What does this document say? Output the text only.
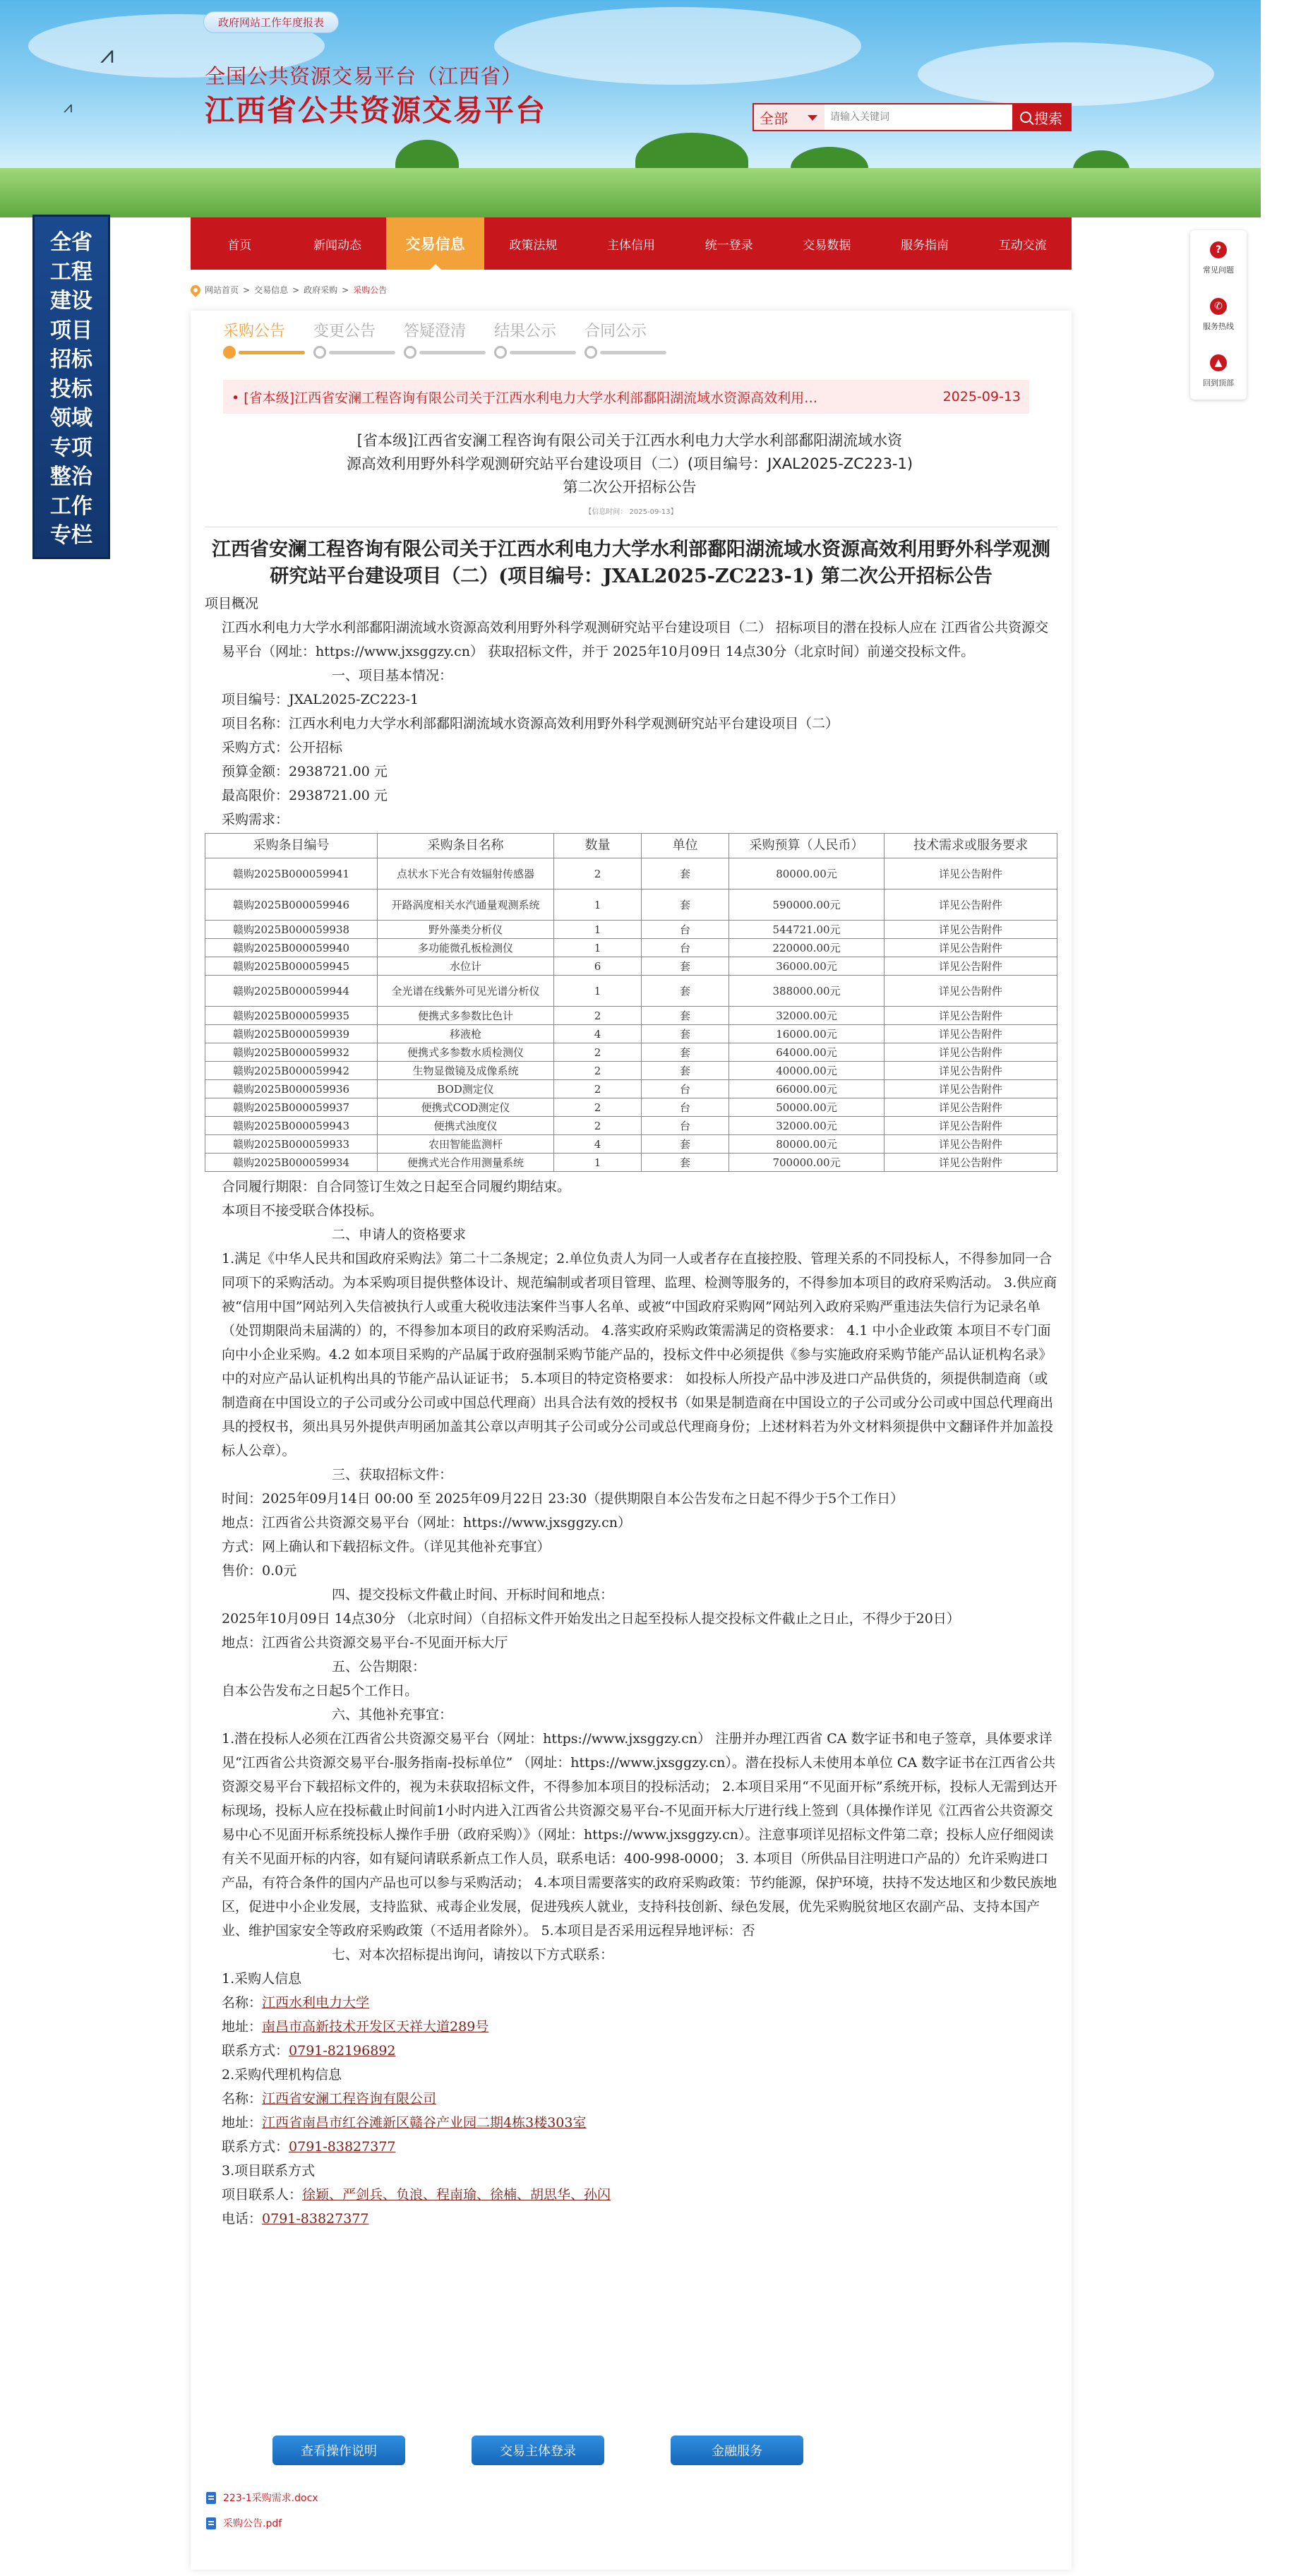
⩘
⩘
政府网站工作年度报表
全国公共资源交易平台（江西省）
江西省公共资源交易平台	全部
请输入关键词	搜索
首页	新闻动态	交易信息	政策法规	主体信用	统一登录	交易数据	服务指南	互动交流
全省
工程
建设
项目
招标
投标
领域
专项
整治
工作
专栏
?
常见问题
✆
服务热线
▲
回到顶部
网站首页 > 交易信息 > 政府采购 > 采购公告
采购公告	变更公告	答疑澄清	结果公示	合同公示
• [省本级]江西省安澜工程咨询有限公司关于江西水利电力大学水利部鄱阳湖流域水资源高效利用…	2025-09-13
[省本级]江西省安澜工程咨询有限公司关于江西水利电力大学水利部鄱阳湖流域水资
源高效利用野外科学观测研究站平台建设项目（二）(项目编号：JXAL2025-ZC223-1)
第二次公开招标公告
【信息时间： 2025-09-13】
江西省安澜工程咨询有限公司关于江西水利电力大学水利部鄱阳湖流域水资源高效利用野外科学观测研究站平台建设项目（二）(项目编号：JXAL2025-ZC223-1) 第二次公开招标公告

项目概况

江西水利电力大学水利部鄱阳湖流域水资源高效利用野外科学观测研究站平台建设项目（二） 招标项目的潜在投标人应在 江西省公共资源交易平台（网址：https://www.jxsggzy.cn） 获取招标文件，并于 2025年10月09日 14点30分（北京时间）前递交投标文件。

一、项目基本情况：

项目编号：JXAL2025-ZC223-1

项目名称：江西水利电力大学水利部鄱阳湖流域水资源高效利用野外科学观测研究站平台建设项目（二）

采购方式：公开招标

预算金额：2938721.00 元

最高限价：2938721.00 元

采购需求：

采购条目编号	采购条目名称	数量	单位	采购预算（人民币）	技术需求或服务要求
赣购2025B000059941	点状水下光合有效辐射传感器	2	套	80000.00元	详见公告附件
赣购2025B000059946	开路涡度相关水汽通量观测系统	1	套	590000.00元	详见公告附件
赣购2025B000059938	野外藻类分析仪	1	台	544721.00元	详见公告附件
赣购2025B000059940	多功能微孔板检测仪	1	台	220000.00元	详见公告附件
赣购2025B000059945	水位计	6	套	36000.00元	详见公告附件
赣购2025B000059944	全光谱在线紫外可见光谱分析仪	1	套	388000.00元	详见公告附件
赣购2025B000059935	便携式多参数比色计	2	套	32000.00元	详见公告附件
赣购2025B000059939	移液枪	4	套	16000.00元	详见公告附件
赣购2025B000059932	便携式多参数水质检测仪	2	套	64000.00元	详见公告附件
赣购2025B000059942	生物显微镜及成像系统	2	套	40000.00元	详见公告附件
赣购2025B000059936	BOD测定仪	2	台	66000.00元	详见公告附件
赣购2025B000059937	便携式COD测定仪	2	台	50000.00元	详见公告附件
赣购2025B000059943	便携式浊度仪	2	台	32000.00元	详见公告附件
赣购2025B000059933	农田智能监测杆	4	套	80000.00元	详见公告附件
赣购2025B000059934	便携式光合作用测量系统	1	套	700000.00元	详见公告附件

合同履行期限：自合同签订生效之日起至合同履约期结束。

本项目不接受联合体投标。

二、申请人的资格要求

1.满足《中华人民共和国政府采购法》第二十二条规定；2.单位负责人为同一人或者存在直接控股、管理关系的不同投标人，不得参加同一合同项下的采购活动。为本采购项目提供整体设计、规范编制或者项目管理、监理、检测等服务的，不得参加本项目的政府采购活动。 3.供应商被“信用中国”网站列入失信被执行人或重大税收违法案件当事人名单、或被“中国政府采购网”网站列入政府采购严重违法失信行为记录名单（处罚期限尚未届满的）的，不得参加本项目的政府采购活动。 4.落实政府采购政策需满足的资格要求： 4.1 中小企业政策 本项目不专门面向中小企业采购。4.2 如本项目采购的产品属于政府强制采购节能产品的，投标文件中必须提供《参与实施政府采购节能产品认证机构名录》中的对应产品认证机构出具的节能产品认证证书； 5.本项目的特定资格要求： 如投标人所投产品中涉及进口产品供货的，须提供制造商（或制造商在中国设立的子公司或分公司或中国总代理商）出具合法有效的授权书（如果是制造商在中国设立的子公司或分公司或中国总代理商出具的授权书，须出具另外提供声明函加盖其公章以声明其子公司或分公司或总代理商身份；上述材料若为外文材料须提供中文翻译件并加盖投标人公章）。

三、获取招标文件：

时间：2025年09月14日 00:00 至 2025年09月22日 23:30（提供期限自本公告发布之日起不得少于5个工作日）

地点：江西省公共资源交易平台（网址：https://www.jxsggzy.cn）

方式：网上确认和下载招标文件。（详见其他补充事宜）

售价：0.0元

四、提交投标文件截止时间、开标时间和地点：

2025年10月09日 14点30分 （北京时间）（自招标文件开始发出之日起至投标人提交投标文件截止之日止，不得少于20日）

地点：江西省公共资源交易平台-不见面开标大厅

五、公告期限：

自本公告发布之日起5个工作日。

六、其他补充事宜：

1.潜在投标人必须在江西省公共资源交易平台（网址：https://www.jxsggzy.cn） 注册并办理江西省 CA 数字证书和电子签章，具体要求详见“江西省公共资源交易平台-服务指南-投标单位” （网址：https://www.jxsggzy.cn）。潜在投标人未使用本单位 CA 数字证书在江西省公共资源交易平台下载招标文件的，视为未获取招标文件，不得参加本项目的投标活动； 2.本项目采用“不见面开标”系统开标，投标人无需到达开标现场，投标人应在投标截止时间前1小时内进入江西省公共资源交易平台-不见面开标大厅进行线上签到（具体操作详见《江西省公共资源交易中心不见面开标系统投标人操作手册（政府采购）》（网址：https://www.jxsggzy.cn）。注意事项详见招标文件第二章；投标人应仔细阅读有关不见面开标的内容，如有疑问请联系新点工作人员，联系电话：400-998-0000； 3. 本项目（所供品目注明进口产品的）允许采购进口产品，有符合条件的国内产品也可以参与采购活动； 4.本项目需要落实的政府采购政策：节约能源，保护环境，扶持不发达地区和少数民族地区，促进中小企业发展，支持监狱、戒毒企业发展，促进残疾人就业，支持科技创新、绿色发展，优先采购脱贫地区农副产品、支持本国产业、维护国家安全等政府采购政策（不适用者除外）。 5.本项目是否采用远程异地评标：否

七、对本次招标提出询问，请按以下方式联系：

1.采购人信息

名称：江西水利电力大学

地址：南昌市高新技术开发区天祥大道289号

联系方式：0791-82196892

2.采购代理机构信息

名称：江西省安澜工程咨询有限公司

地址：江西省南昌市红谷滩新区赣谷产业园二期4栋3楼303室

联系方式：0791-83827377

3.项目联系方式

项目联系人：徐颖、严剑兵、负浪、程南瑜、徐楠、胡思华、孙闪

电话：0791-83827377

查看操作说明	交易主体登录	金融服务
223-1采购需求.docx
采购公告.pdf
